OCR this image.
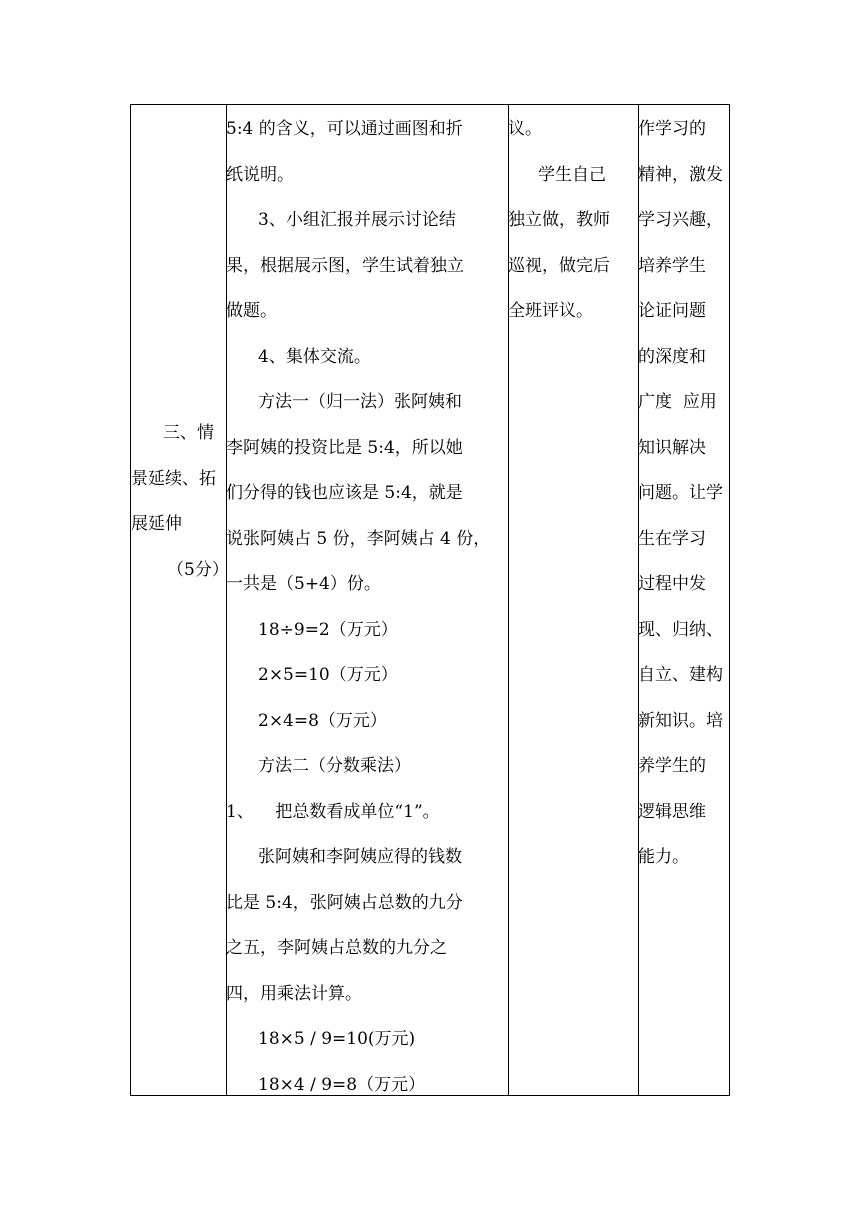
三、情
景延续、拓
展延伸
（5分）
5:4 的含义，可以通过画图和折
纸说明。
3、小组汇报并展示讨论结
果，根据展示图，学生试着独立
做题。
4、集体交流。
方法一（归一法）张阿姨和
李阿姨的投资比是 5:4，所以她
们分得的钱也应该是 5:4，就是
说张阿姨占 5 份，李阿姨占 4 份，
一共是（5+4）份。
18÷9=2（万元）
2×5=10（万元）
2×4=8（万元）
方法二（分数乘法）
1、    把总数看成单位“1”。
张阿姨和李阿姨应得的钱数
比是 5:4，张阿姨占总数的九分
之五，李阿姨占总数的九分之
四，用乘法计算。
18×5 / 9=10(万元)
18×4 / 9=8（万元）
议。
学生自己
独立做，教师
巡视，做完后
全班评议。
作学习的
精神，激发
学习兴趣，
培养学生
论证问题
的深度和
广度  应用
知识解决
问题。让学
生在学习
过程中发
现、归纳、
自立、建构
新知识。培
养学生的
逻辑思维
能力。
